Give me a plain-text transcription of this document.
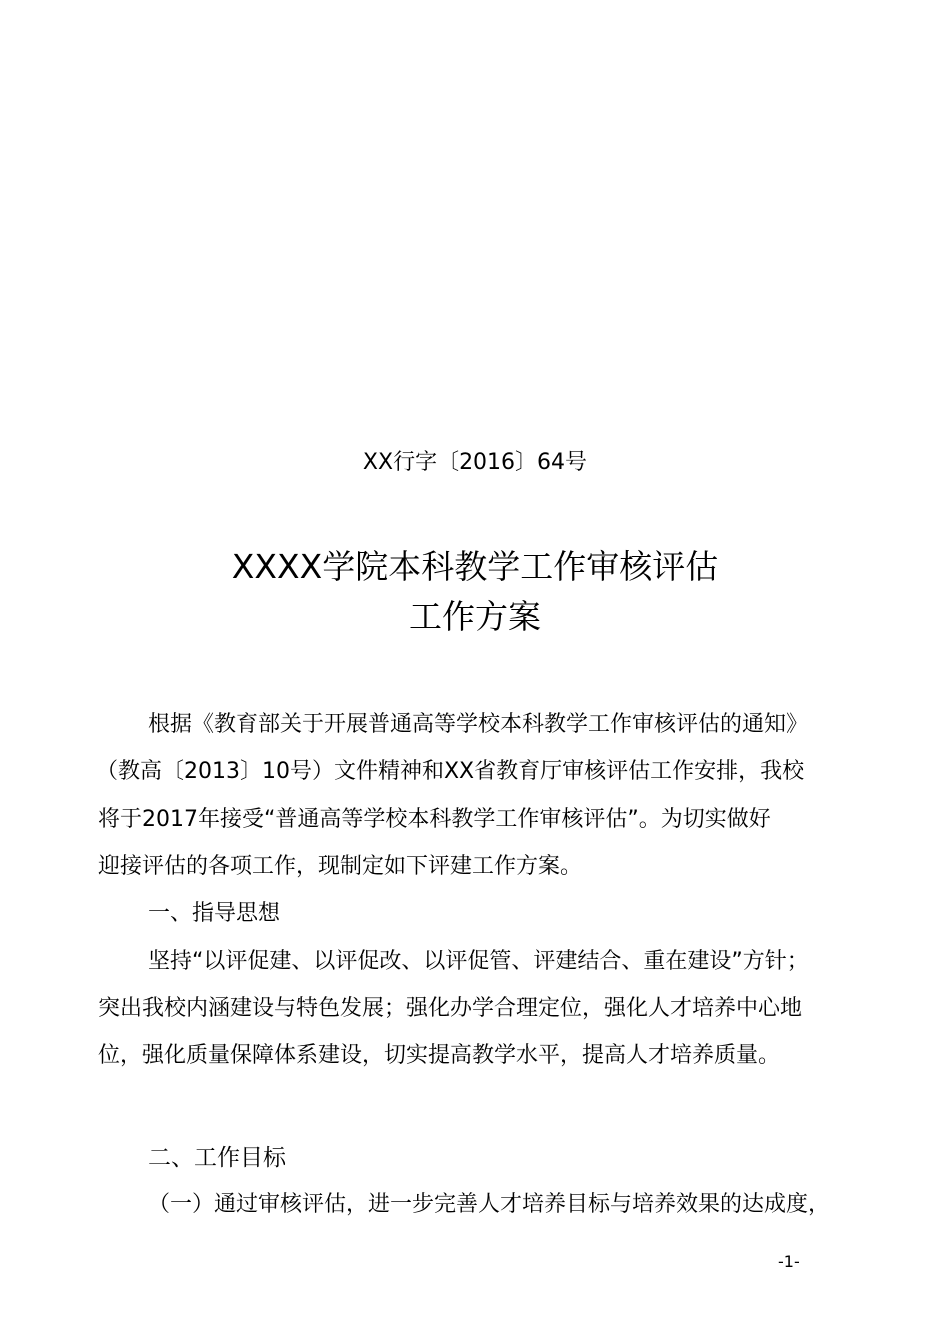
XX行字〔2016〕64号
XXXX学院本科教学工作审核评估
工作方案
根据《教育部关于开展普通高等学校本科教学工作审核评估的通知》
（教高〔2013〕10号）文件精神和XX省教育厅审核评估工作安排，我校
将于2017年接受“普通高等学校本科教学工作审核评估”。为切实做好
迎接评估的各项工作，现制定如下评建工作方案。
一、指导思想
坚持“以评促建、以评促改、以评促管、评建结合、重在建设”方针；
突出我校内涵建设与特色发展；强化办学合理定位，强化人才培养中心地
位，强化质量保障体系建设，切实提高教学水平，提高人才培养质量。
二、工作目标
（一）通过审核评估，进一步完善人才培养目标与培养效果的达成度，
-1-
